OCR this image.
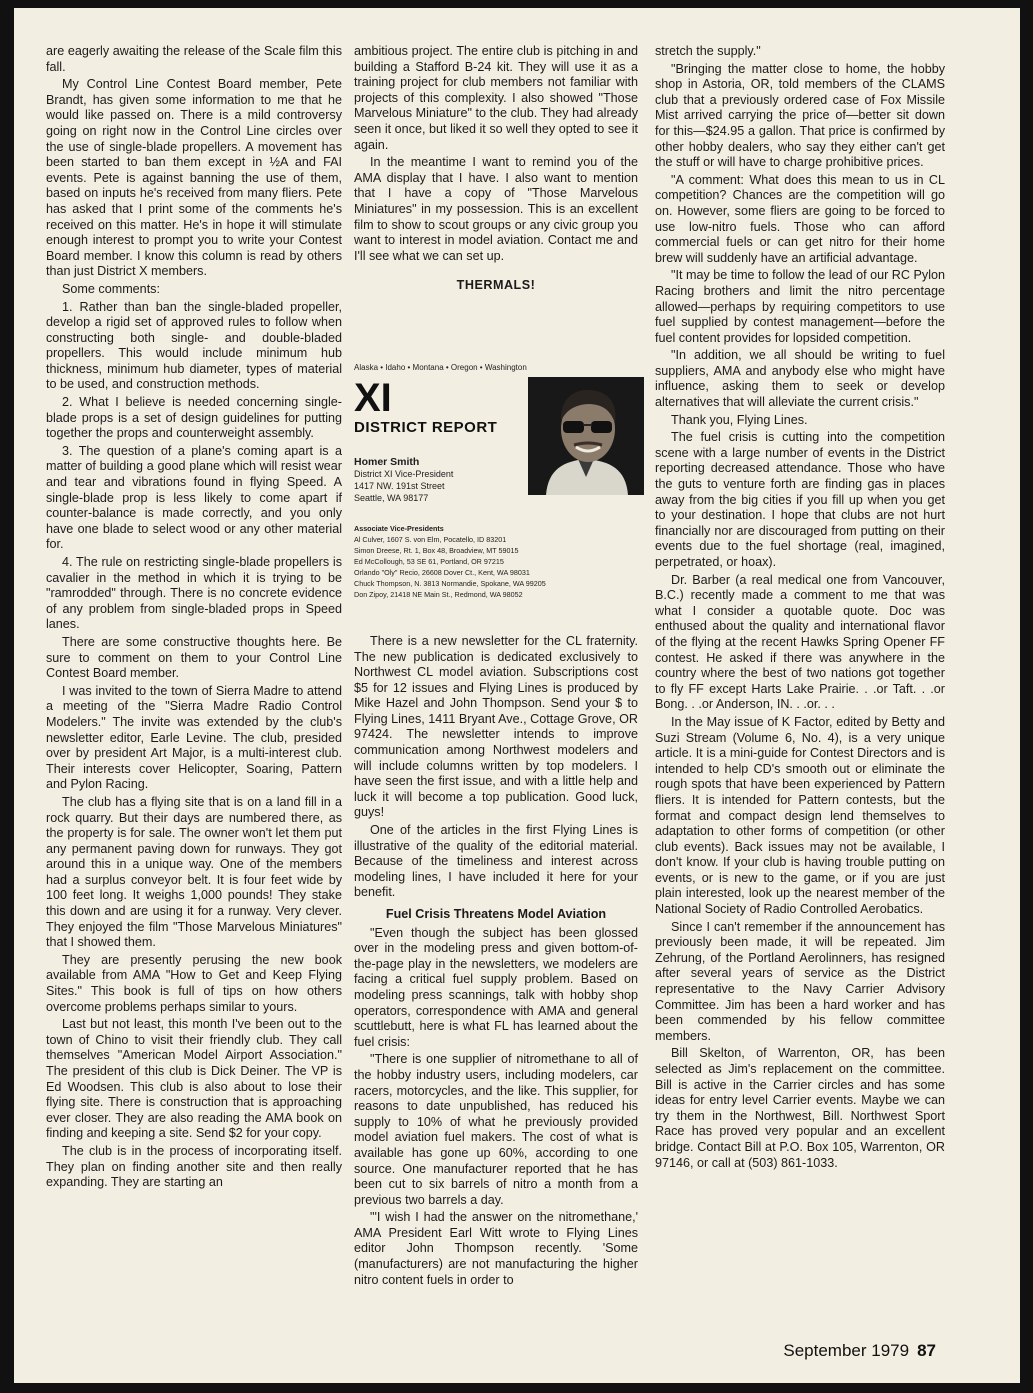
are eagerly awaiting the release of the Scale film this fall.

My Control Line Contest Board member, Pete Brandt, has given some information to me that he would like passed on. There is a mild controversy going on right now in the Control Line circles over the use of single-blade propellers. A movement has been started to ban them except in ½A and FAI events. Pete is against banning the use of them, based on inputs he's received from many fliers. Pete has asked that I print some of the comments he's received on this matter. He's in hope it will stimulate enough interest to prompt you to write your Contest Board member. I know this column is read by others than just District X members.

Some comments:

1. Rather than ban the single-bladed propeller, develop a rigid set of approved rules to follow when constructing both single- and double-bladed propellers. This would include minimum hub thickness, minimum hub diameter, types of material to be used, and construction methods.

2. What I believe is needed concerning single-blade props is a set of design guidelines for putting together the props and counterweight assembly.

3. The question of a plane's coming apart is a matter of building a good plane which will resist wear and tear and vibrations found in flying Speed. A single-blade prop is less likely to come apart if counter-balance is made correctly, and you only have one blade to select wood or any other material for.

4. The rule on restricting single-blade propellers is cavalier in the method in which it is trying to be "ramrodded" through. There is no concrete evidence of any problem from single-bladed props in Speed lanes.

There are some constructive thoughts here. Be sure to comment on them to your Control Line Contest Board member.

I was invited to the town of Sierra Madre to attend a meeting of the "Sierra Madre Radio Control Modelers." The invite was extended by the club's newsletter editor, Earle Levine. The club, presided over by president Art Major, is a multi-interest club. Their interests cover Helicopter, Soaring, Pattern and Pylon Racing.

The club has a flying site that is on a land fill in a rock quarry. But their days are numbered there, as the property is for sale. The owner won't let them put any permanent paving down for runways. They got around this in a unique way. One of the members had a surplus conveyor belt. It is four feet wide by 100 feet long. It weighs 1,000 pounds! They stake this down and are using it for a runway. Very clever. They enjoyed the film "Those Marvelous Miniatures" that I showed them.

They are presently perusing the new book available from AMA "How to Get and Keep Flying Sites." This book is full of tips on how others overcome problems perhaps similar to yours.

Last but not least, this month I've been out to the town of Chino to visit their friendly club. They call themselves "American Model Airport Association." The president of this club is Dick Deiner. The VP is Ed Woodsen. This club is also about to lose their flying site. There is construction that is approaching ever closer. They are also reading the AMA book on finding and keeping a site. Send $2 for your copy.

The club is in the process of incorporating itself. They plan on finding another site and then really expanding. They are starting an

ambitious project. The entire club is pitching in and building a Stafford B-24 kit. They will use it as a training project for club members not familiar with projects of this complexity. I also showed "Those Marvelous Miniature" to the club. They had already seen it once, but liked it so well they opted to see it again.

In the meantime I want to remind you of the AMA display that I have. I also want to mention that I have a copy of "Those Marvelous Miniatures" in my possession. This is an excellent film to show to scout groups or any civic group you want to interest in model aviation. Contact me and I'll see what we can set up.

THERMALS!

Alaska • Idaho • Montana • Oregon • Washington
XI
DISTRICT REPORT
Homer Smith
District XI Vice-President
1417 NW. 191st Street
Seattle, WA 98177
Associate Vice-Presidents
Al Culver, 1607 S. von Elm, Pocatello, ID 83201
Simon Dreese, Rt. 1, Box 48, Broadview, MT 59015
Ed McCollough, 53 SE 61, Portland, OR 97215
Orlando "Oly" Recio, 26608 Dover Ct., Kent, WA 98031
Chuck Thompson, N. 3813 Normandie, Spokane, WA 99205
Don Zipoy, 21418 NE Main St., Redmond, WA 98052

There is a new newsletter for the CL fraternity. The new publication is dedicated exclusively to Northwest CL model aviation. Subscriptions cost $5 for 12 issues and Flying Lines is produced by Mike Hazel and John Thompson. Send your $ to Flying Lines, 1411 Bryant Ave., Cottage Grove, OR 97424. The newsletter intends to improve communication among Northwest modelers and will include columns written by top modelers. I have seen the first issue, and with a little help and luck it will become a top publication. Good luck, guys!

One of the articles in the first Flying Lines is illustrative of the quality of the editorial material. Because of the timeliness and interest across modeling lines, I have included it here for your benefit.

Fuel Crisis Threatens Model Aviation

"Even though the subject has been glossed over in the modeling press and given bottom-of-the-page play in the newsletters, we modelers are facing a critical fuel supply problem. Based on modeling press scannings, talk with hobby shop operators, correspondence with AMA and general scuttlebutt, here is what FL has learned about the fuel crisis:

"There is one supplier of nitromethane to all of the hobby industry users, including modelers, car racers, motorcycles, and the like. This supplier, for reasons to date unpublished, has reduced his supply to 10% of what he previously provided model aviation fuel makers. The cost of what is available has gone up 60%, according to one source. One manufacturer reported that he has been cut to six barrels of nitro a month from a previous two barrels a day.

"'I wish I had the answer on the nitromethane,' AMA President Earl Witt wrote to Flying Lines editor John Thompson recently. 'Some (manufacturers) are not manufacturing the higher nitro content fuels in order to

stretch the supply."

"Bringing the matter close to home, the hobby shop in Astoria, OR, told members of the CLAMS club that a previously ordered case of Fox Missile Mist arrived carrying the price of—better sit down for this—$24.95 a gallon. That price is confirmed by other hobby dealers, who say they either can't get the stuff or will have to charge prohibitive prices.

"A comment: What does this mean to us in CL competition? Chances are the competition will go on. However, some fliers are going to be forced to use low-nitro fuels. Those who can afford commercial fuels or can get nitro for their home brew will suddenly have an artificial advantage.

"It may be time to follow the lead of our RC Pylon Racing brothers and limit the nitro percentage allowed—perhaps by requiring competitors to use fuel supplied by contest management—before the fuel content provides for lopsided competition.

"In addition, we all should be writing to fuel suppliers, AMA and anybody else who might have influence, asking them to seek or develop alternatives that will alleviate the current crisis."

Thank you, Flying Lines.

The fuel crisis is cutting into the competition scene with a large number of events in the District reporting decreased attendance. Those who have the guts to venture forth are finding gas in places away from the big cities if you fill up when you get to your destination. I hope that clubs are not hurt financially nor are discouraged from putting on their events due to the fuel shortage (real, imagined, perpetrated, or hoax).

Dr. Barber (a real medical one from Vancouver, B.C.) recently made a comment to me that was what I consider a quotable quote. Doc was enthused about the quality and international flavor of the flying at the recent Hawks Spring Opener FF contest. He asked if there was anywhere in the country where the best of two nations got together to fly FF except Harts Lake Prairie. . .or Taft. . .or Bong. . .or Anderson, IN. . .or. . .

In the May issue of K Factor, edited by Betty and Suzi Stream (Volume 6, No. 4), is a very unique article. It is a mini-guide for Contest Directors and is intended to help CD's smooth out or eliminate the rough spots that have been experienced by Pattern fliers. It is intended for Pattern contests, but the format and compact design lend themselves to adaptation to other forms of competition (or other club events). Back issues may not be available, I don't know. If your club is having trouble putting on events, or is new to the game, or if you are just plain interested, look up the nearest member of the National Society of Radio Controlled Aerobatics.

Since I can't remember if the announcement has previously been made, it will be repeated. Jim Zehrung, of the Portland Aerolinners, has resigned after several years of service as the District representative to the Navy Carrier Advisory Committee. Jim has been a hard worker and has been commended by his fellow committee members.

Bill Skelton, of Warrenton, OR, has been selected as Jim's replacement on the committee. Bill is active in the Carrier circles and has some ideas for entry level Carrier events. Maybe we can try them in the Northwest, Bill. Northwest Sport Race has proved very popular and an excellent bridge. Contact Bill at P.O. Box 105, Warrenton, OR 97146, or call at (503) 861-1033.

September 1979 87
